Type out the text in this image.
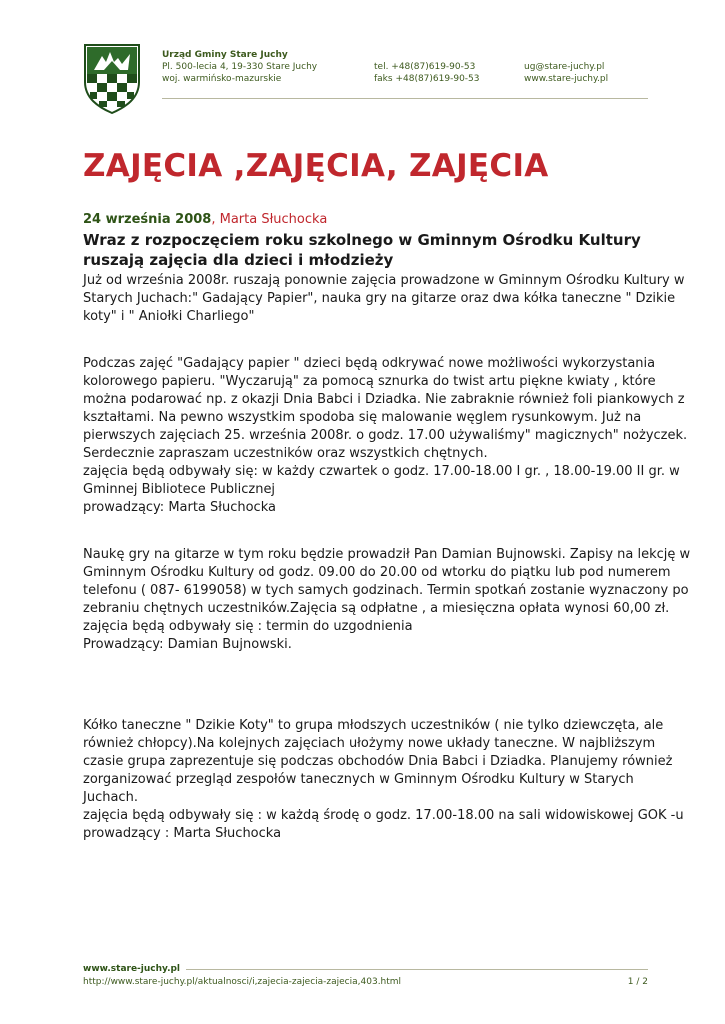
Urząd Gminy Stare Juchy
Pl. 500-lecia 4, 19-330 Stare Juchy
woj. warmińsko-mazurskie
tel. +48(87)619-90-53
faks +48(87)619-90-53
ug@stare-juchy.pl
www.stare-juchy.pl
ZAJĘCIA ,ZAJĘCIA, ZAJĘCIA
24 września 2008, Marta Słuchocka
Wraz z rozpoczęciem roku szkolnego w Gminnym Ośrodku Kultury ruszają zajęcia dla dzieci i młodzieży
Już od września 2008r. ruszają ponownie zajęcia prowadzone w Gminnym Ośrodku Kultury w
Starych Juchach:" Gadający Papier", nauka gry na gitarze oraz dwa kółka taneczne " Dzikie
koty" i " Aniołki Charliego"
Podczas zajęć "Gadający papier " dzieci będą odkrywać nowe możliwości wykorzystania
kolorowego papieru. "Wyczarują" za pomocą sznurka do twist artu piękne kwiaty , które
można podarować np. z okazji Dnia Babci i Dziadka. Nie zabraknie również foli piankowych z
kształtami. Na pewno wszystkim spodoba się malowanie węglem rysunkowym. Już na
pierwszych zajęciach 25. września 2008r. o godz. 17.00 używaliśmy" magicznych" nożyczek.
Serdecznie zapraszam uczestników oraz wszystkich chętnych.
zajęcia będą odbywały się: w każdy czwartek o godz. 17.00-18.00 I gr. , 18.00-19.00 II gr. w
Gminnej Bibliotece Publicznej
prowadzący: Marta Słuchocka
Naukę gry na gitarze w tym roku będzie prowadził Pan Damian Bujnowski. Zapisy na lekcję w
Gminnym Ośrodku Kultury od godz. 09.00 do 20.00 od wtorku do piątku lub pod numerem
telefonu ( 087- 6199058) w tych samych godzinach. Termin spotkań zostanie wyznaczony po
zebraniu chętnych uczestników.Zajęcia są odpłatne , a miesięczna opłata wynosi 60,00 zł.
zajęcia będą odbywały się : termin do uzgodnienia
Prowadzący: Damian Bujnowski.
Kółko taneczne " Dzikie Koty" to grupa młodszych uczestników ( nie tylko dziewczęta, ale
również chłopcy).Na kolejnych zajęciach ułożymy nowe układy taneczne. W najbliższym
czasie grupa zaprezentuje się podczas obchodów Dnia Babci i Dziadka. Planujemy również
zorganizować przegląd zespołów tanecznych w Gminnym Ośrodku Kultury w Starych
Juchach.
zajęcia będą odbywały się : w każdą środę o godz. 17.00-18.00 na sali widowiskowej GOK -u
prowadzący : Marta Słuchocka
www.stare-juchy.pl
http://www.stare-juchy.pl/aktualnosci/i,zajecia-zajecia-zajecia,403.html	1 / 2
